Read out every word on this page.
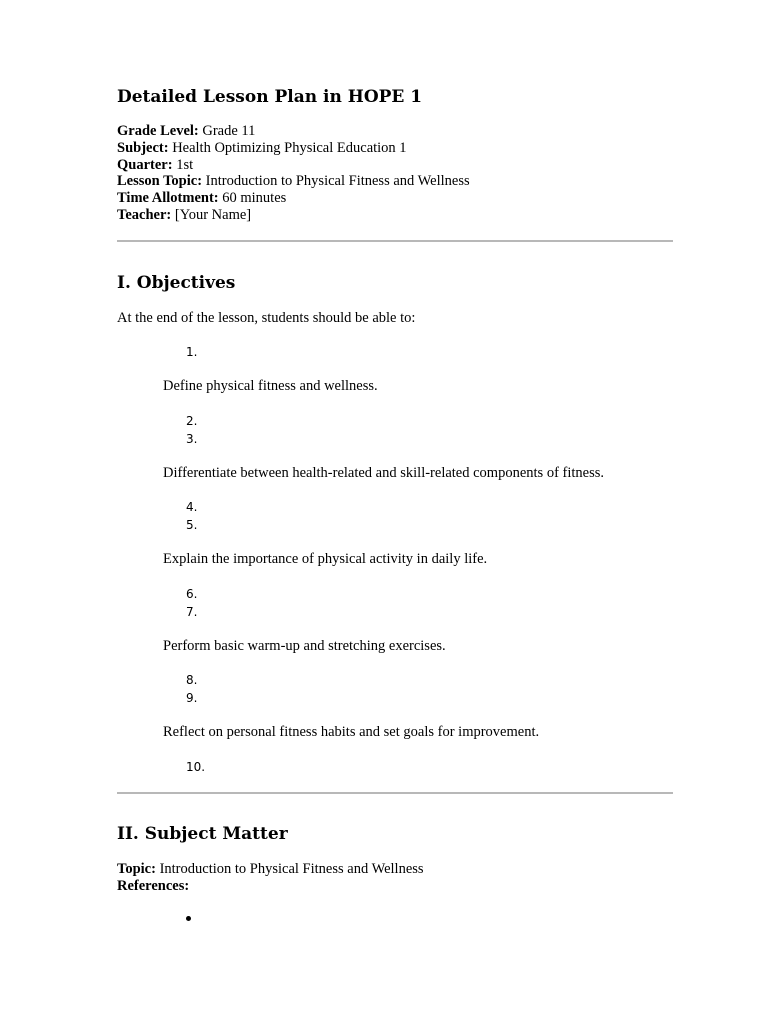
Detailed Lesson Plan in HOPE 1
Grade Level: Grade 11
Subject: Health Optimizing Physical Education 1
Quarter: 1st
Lesson Topic: Introduction to Physical Fitness and Wellness
Time Allotment: 60 minutes
Teacher: [Your Name]
I. Objectives
At the end of the lesson, students should be able to:
1.
Define physical fitness and wellness.
2.
3.
Differentiate between health-related and skill-related components of fitness.
4.
5.
Explain the importance of physical activity in daily life.
6.
7.
Perform basic warm-up and stretching exercises.
8.
9.
Reflect on personal fitness habits and set goals for improvement.
10.
II. Subject Matter
Topic: Introduction to Physical Fitness and Wellness
References:
